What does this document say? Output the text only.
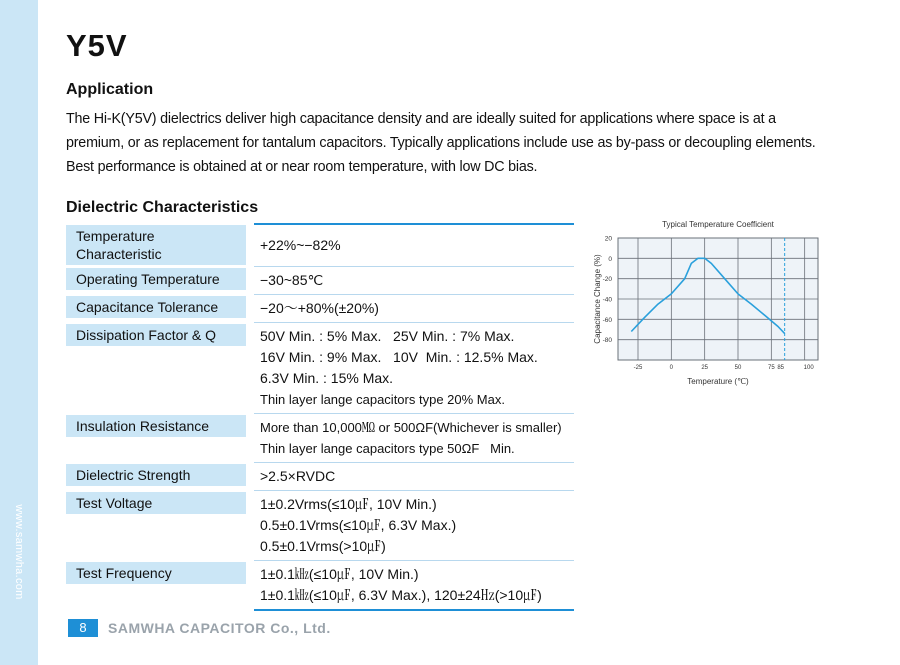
www.samwha.com
Y5V
Application
The Hi-K(Y5V) dielectrics deliver high capacitance density and are ideally suited for applications where space is at a
premium, or as replacement for tantalum capacitors. Typically applications include use as by-pass or decoupling elements.
Best performance is obtained at or near room temperature, with low DC bias.
Dielectric Characteristics
Temperature Characteristic	+22%~−82%

Operating Temperature	−30~85℃

Capacitance Tolerance	−20～+80%(±20%)

Dissipation Factor & Q	50V Min. : 5% Max.   25V Min. : 7% Max.
16V Min. : 9% Max.   10V  Min. : 12.5% Max.
6.3V Min. : 15% Max.
Thin layer lange capacitors type 20% Max.

Insulation Resistance	More than 10,000㏁ or 500ΩF(Whichever is smaller)
Thin layer lange capacitors type 50ΩF   Min.

Dielectric Strength	>2.5×RVDC

Test Voltage	1±0.2Vrms(≤10㎌, 10V Min.)
0.5±0.1Vrms(≤10㎌, 6.3V Max.)
0.5±0.1Vrms(>10㎌)

Test Frequency	1±0.1㎑(≤10㎌, 10V Min.)
1±0.1㎑(≤10㎌, 6.3V Max.), 120±24㎐(>10㎌)
20
0
-20
-40
-60
-80
-25	0	25	50	75 85	100
Typical Temperature Coefficient
Temperature (℃)
Capacitance Change (%)
8	SAMWHA CAPACITOR Co., Ltd.
